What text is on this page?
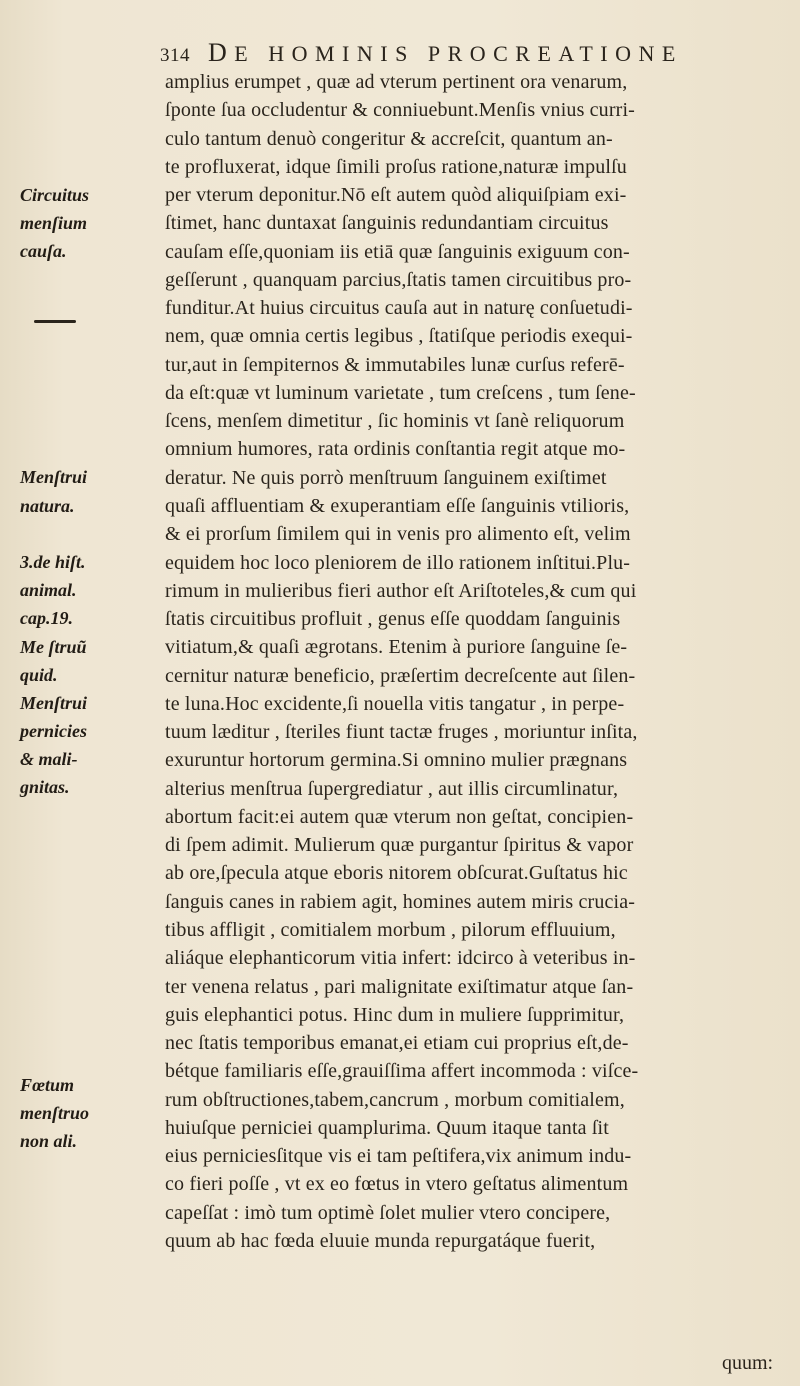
314 DE HOMINIS PROCREATIONE
Circuitus
menſium
cauſa.
Menſtrui
natura.
3.de hiſt.
animal.
cap.19.
Me ſtruũ
quid.
Menſtrui
pernicies
& mali-
gnitas.
Fœtum
menſtruo
non ali.
amplius erumpet , quæ ad vterum pertinent ora venarum,
ſponte ſua occludentur & conniuebunt.Menſis vnius curri-
culo tantum denuò congeritur & accreſcit, quantum an-
te profluxerat, idque ſimili proſus ratione,naturæ impulſu
per vterum deponitur.Nō eſt autem quòd aliquiſpiam exi-
ſtimet, hanc duntaxat ſanguinis redundantiam circuitus
cauſam eſſe,quoniam iis etiā quæ ſanguinis exiguum con-
geſſerunt , quanquam parcius,ſtatis tamen circuitibus pro-
funditur.At huius circuitus cauſa aut in naturę conſuetudi-
nem, quæ omnia certis legibus , ſtatiſque periodis exequi-
tur,aut in ſempiternos & immutabiles lunæ curſus referē-
da eſt:quæ vt luminum varietate , tum creſcens , tum ſene-
ſcens, menſem dimetitur , ſic hominis vt ſanè reliquorum
omnium humores, rata ordinis conſtantia regit atque mo-
deratur. Ne quis porrò menſtruum ſanguinem exiſtimet
quaſi affluentiam & exuperantiam eſſe ſanguinis vtilioris,
& ei prorſum ſimilem qui in venis pro alimento eſt, velim
equidem hoc loco pleniorem de illo rationem inſtitui.Plu-
rimum in mulieribus fieri author eſt Ariſtoteles,& cum qui
ſtatis circuitibus profluit , genus eſſe quoddam ſanguinis
vitiatum,& quaſi ægrotans. Etenim à puriore ſanguine ſe-
cernitur naturæ beneficio, præſertim decreſcente aut ſilen-
te luna.Hoc excidente,ſi nouella vitis tangatur , in perpe-
tuum læditur , ſteriles fiunt tactæ fruges , moriuntur inſita,
exuruntur hortorum germina.Si omnino mulier prægnans
alterius menſtrua ſupergrediatur , aut illis circumlinatur,
abortum facit:ei autem quæ vterum non geſtat, concipien-
di ſpem adimit. Mulierum quæ purgantur ſpiritus & vapor
ab ore,ſpecula atque eboris nitorem obſcurat.Guſtatus hic
ſanguis canes in rabiem agit, homines autem miris crucia-
tibus affligit , comitialem morbum , pilorum effluuium,
aliáque elephanticorum vitia infert: idcirco à veteribus in-
ter venena relatus , pari malignitate exiſtimatur atque ſan-
guis elephantici potus. Hinc dum in muliere ſupprimitur,
nec ſtatis temporibus emanat,ei etiam cui proprius eſt,de-
bétque familiaris eſſe,grauiſſima affert incommoda : viſce-
rum obſtructiones,tabem,cancrum , morbum comitialem,
huiuſque perniciei quamplurima. Quum itaque tanta ſit
eius perniciesſitque vis ei tam peſtifera,vix animum indu-
co fieri poſſe , vt ex eo fœtus in vtero geſtatus alimentum
capeſſat : imò tum optimè ſolet mulier vtero concipere,
quum ab hac fœda eluuie munda repurgatáque fuerit,
quum:
